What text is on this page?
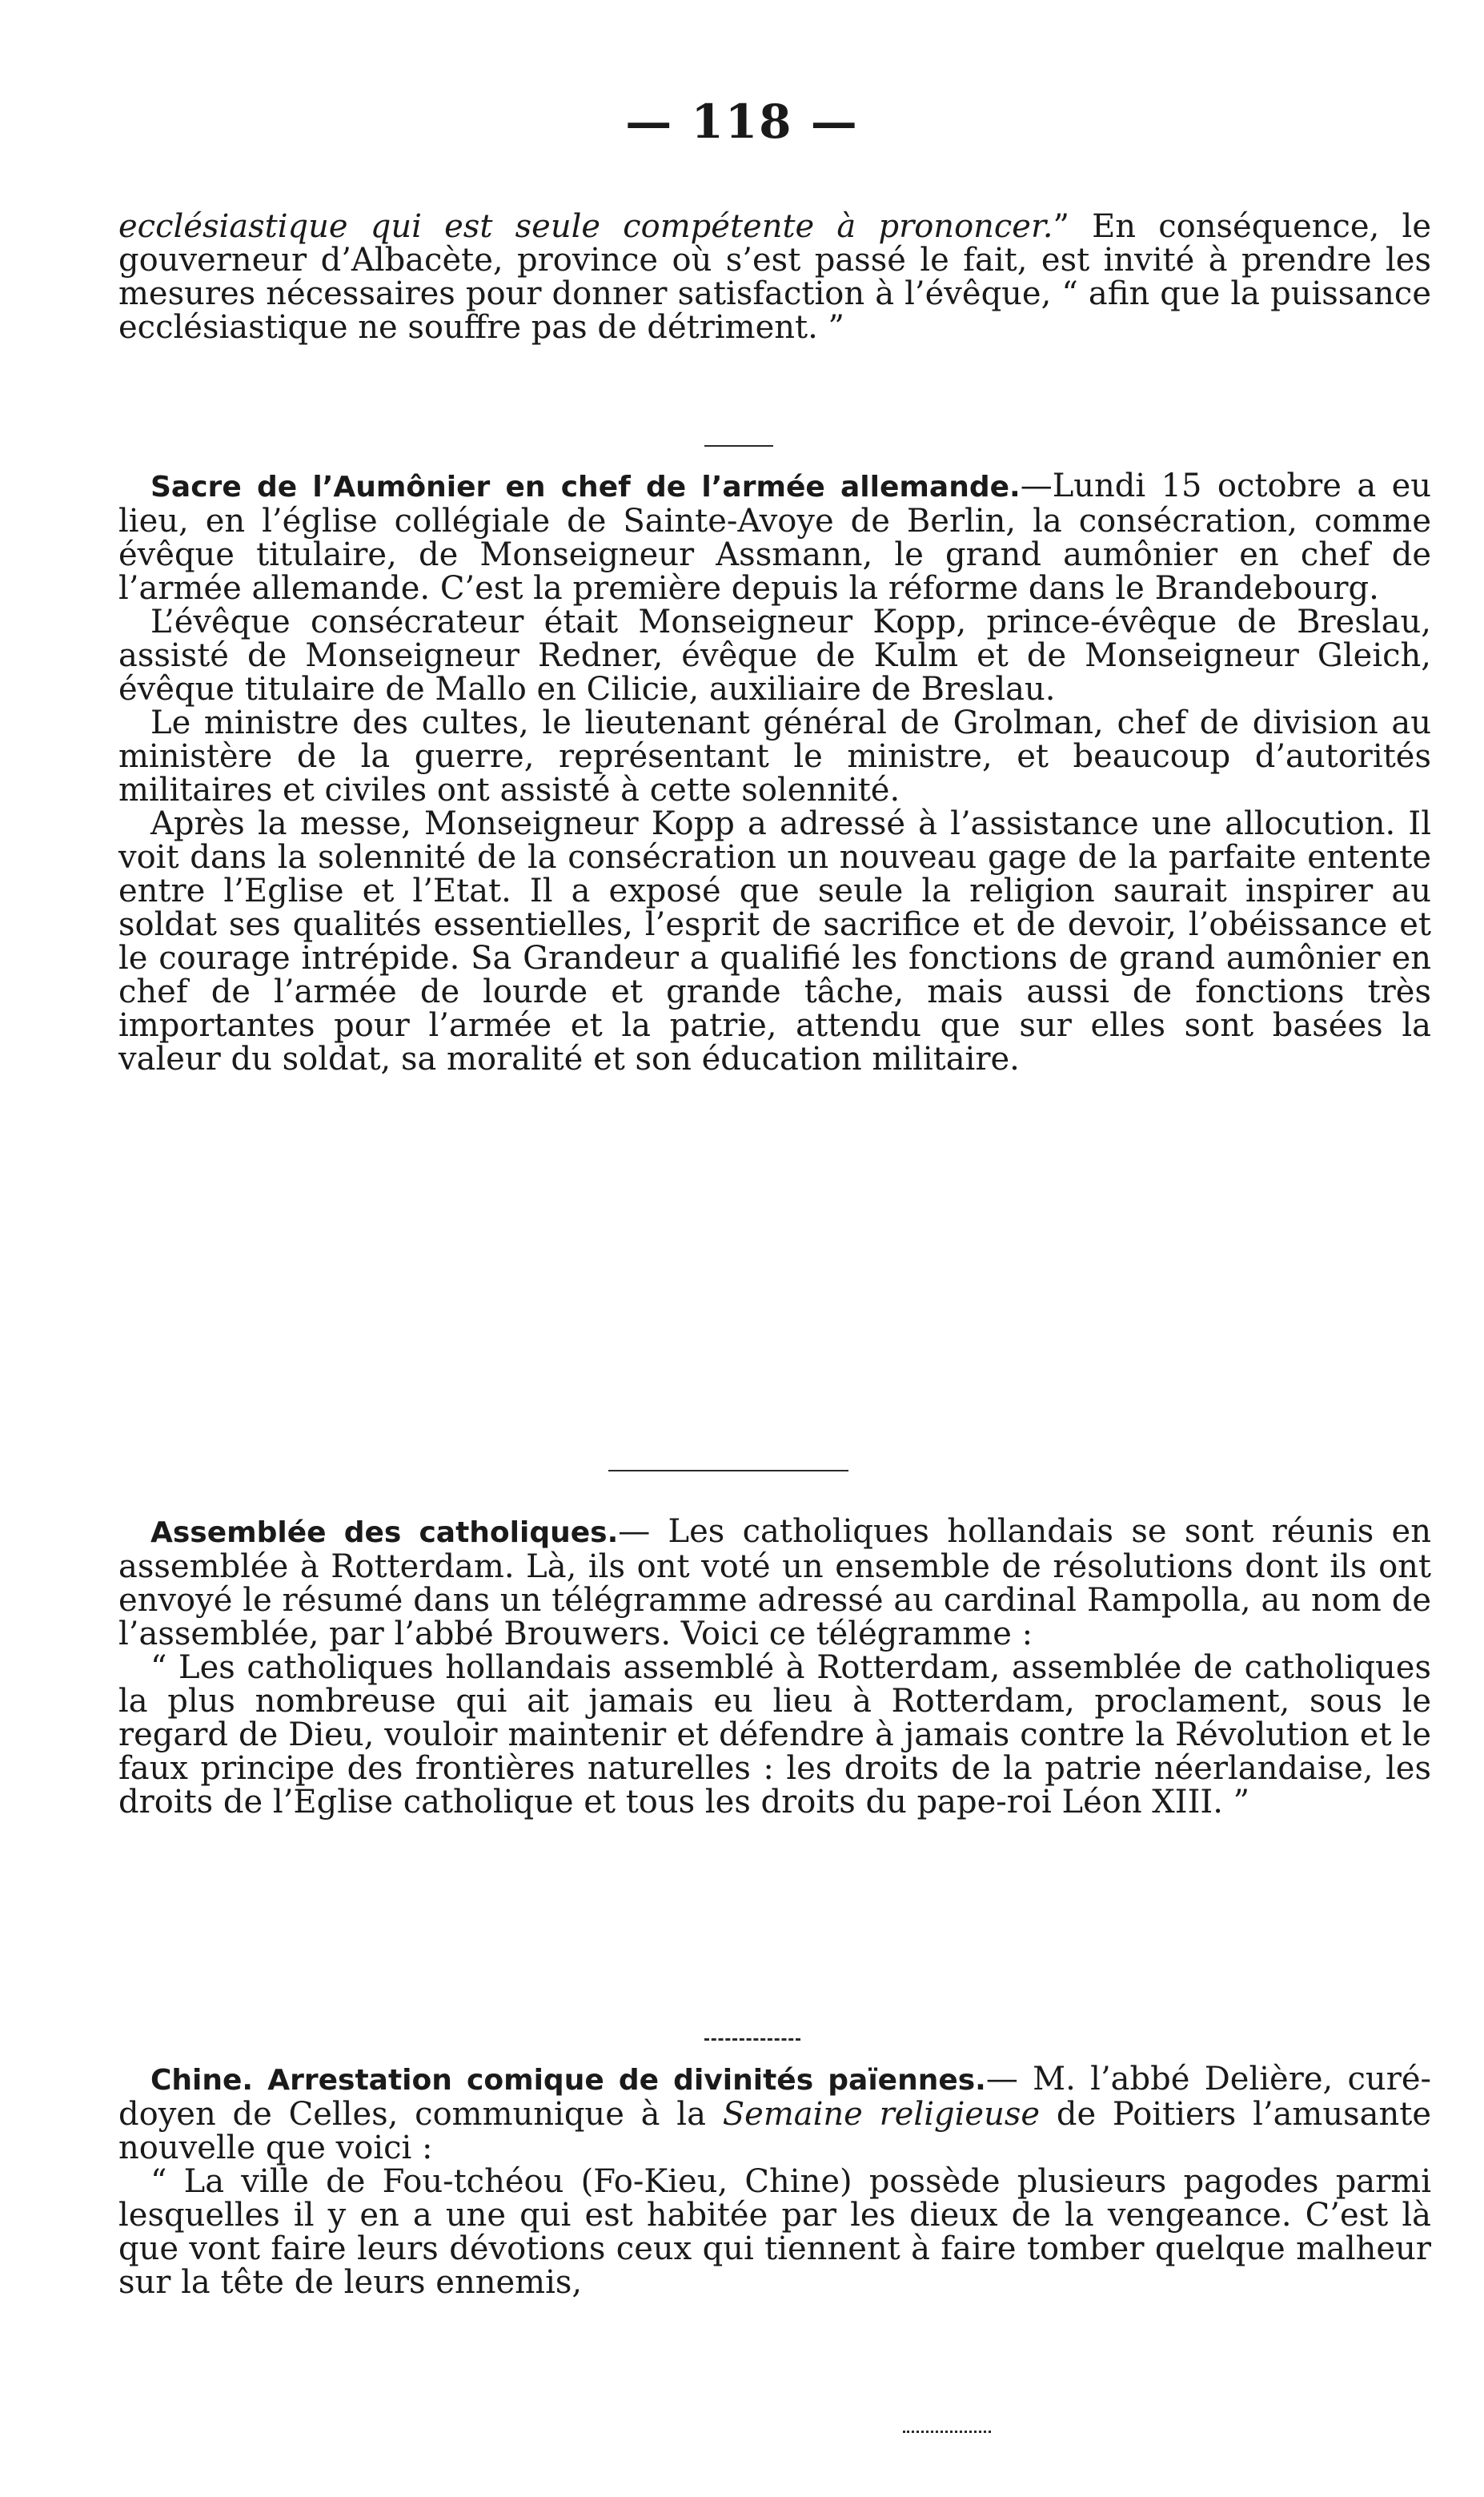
— 118 —

ecclésiastique qui est seule compétente à prononcer.” En conséquence, le gouverneur d’Albacète, province où s’est passé le fait, est invité à prendre les mesures nécessaires pour donner satisfaction à l’évêque, “ afin que la puissance ecclésiastique ne souffre pas de détriment. ”

Sacre de l’Aumônier en chef de l’armée allemande.—Lundi 15 octobre a eu lieu, en l’église collégiale de Sainte-Avoye de Berlin, la consécration, comme évêque titulaire, de Monseigneur Assmann, le grand aumônier en chef de l’armée allemande. C’est la première depuis la réforme dans le Brandebourg.

L’évêque consécrateur était Monseigneur Kopp, prince-évêque de Breslau, assisté de Monseigneur Redner, évêque de Kulm et de Monseigneur Gleich, évêque titulaire de Mallo en Cilicie, auxiliaire de Breslau.

Le ministre des cultes, le lieutenant général de Grolman, chef de division au ministère de la guerre, représentant le ministre, et beaucoup d’autorités militaires et civiles ont assisté à cette solennité.

Après la messe, Monseigneur Kopp a adressé à l’assistance une allocution. Il voit dans la solennité de la consécration un nouveau gage de la parfaite entente entre l’Eglise et l’Etat. Il a exposé que seule la religion saurait inspirer au soldat ses qualités essentielles, l’esprit de sacrifice et de devoir, l’obéissance et le courage intrépide. Sa Grandeur a qualifié les fonctions de grand aumônier en chef de l’armée de lourde et grande tâche, mais aussi de fonctions très importantes pour l’armée et la patrie, attendu que sur elles sont basées la valeur du soldat, sa moralité et son éducation militaire.

Assemblée des catholiques.— Les catholiques hollandais se sont réunis en assemblée à Rotterdam. Là, ils ont voté un ensemble de résolutions dont ils ont envoyé le résumé dans un télégramme adressé au cardinal Rampolla, au nom de l’assemblée, par l’abbé Brouwers. Voici ce télégramme :

“ Les catholiques hollandais assemblé à Rotterdam, assemblée de catholiques la plus nombreuse qui ait jamais eu lieu à Rotterdam, proclament, sous le regard de Dieu, vouloir maintenir et défendre à jamais contre la Révolution et le faux principe des frontières naturelles : les droits de la patrie néerlandaise, les droits de l’Eglise catholique et tous les droits du pape-roi Léon XIII. ”

Chine. Arrestation comique de divinités païennes.— M. l’abbé Delière, curé-doyen de Celles, communique à la Semaine religieuse de Poitiers l’amusante nouvelle que voici :

“ La ville de Fou-tchéou (Fo-Kieu, Chine) possède plusieurs pagodes parmi lesquelles il y en a une qui est habitée par les dieux de la vengeance. C’est là que vont faire leurs dévotions ceux qui tiennent à faire tomber quelque malheur sur la tête de leurs ennemis,
